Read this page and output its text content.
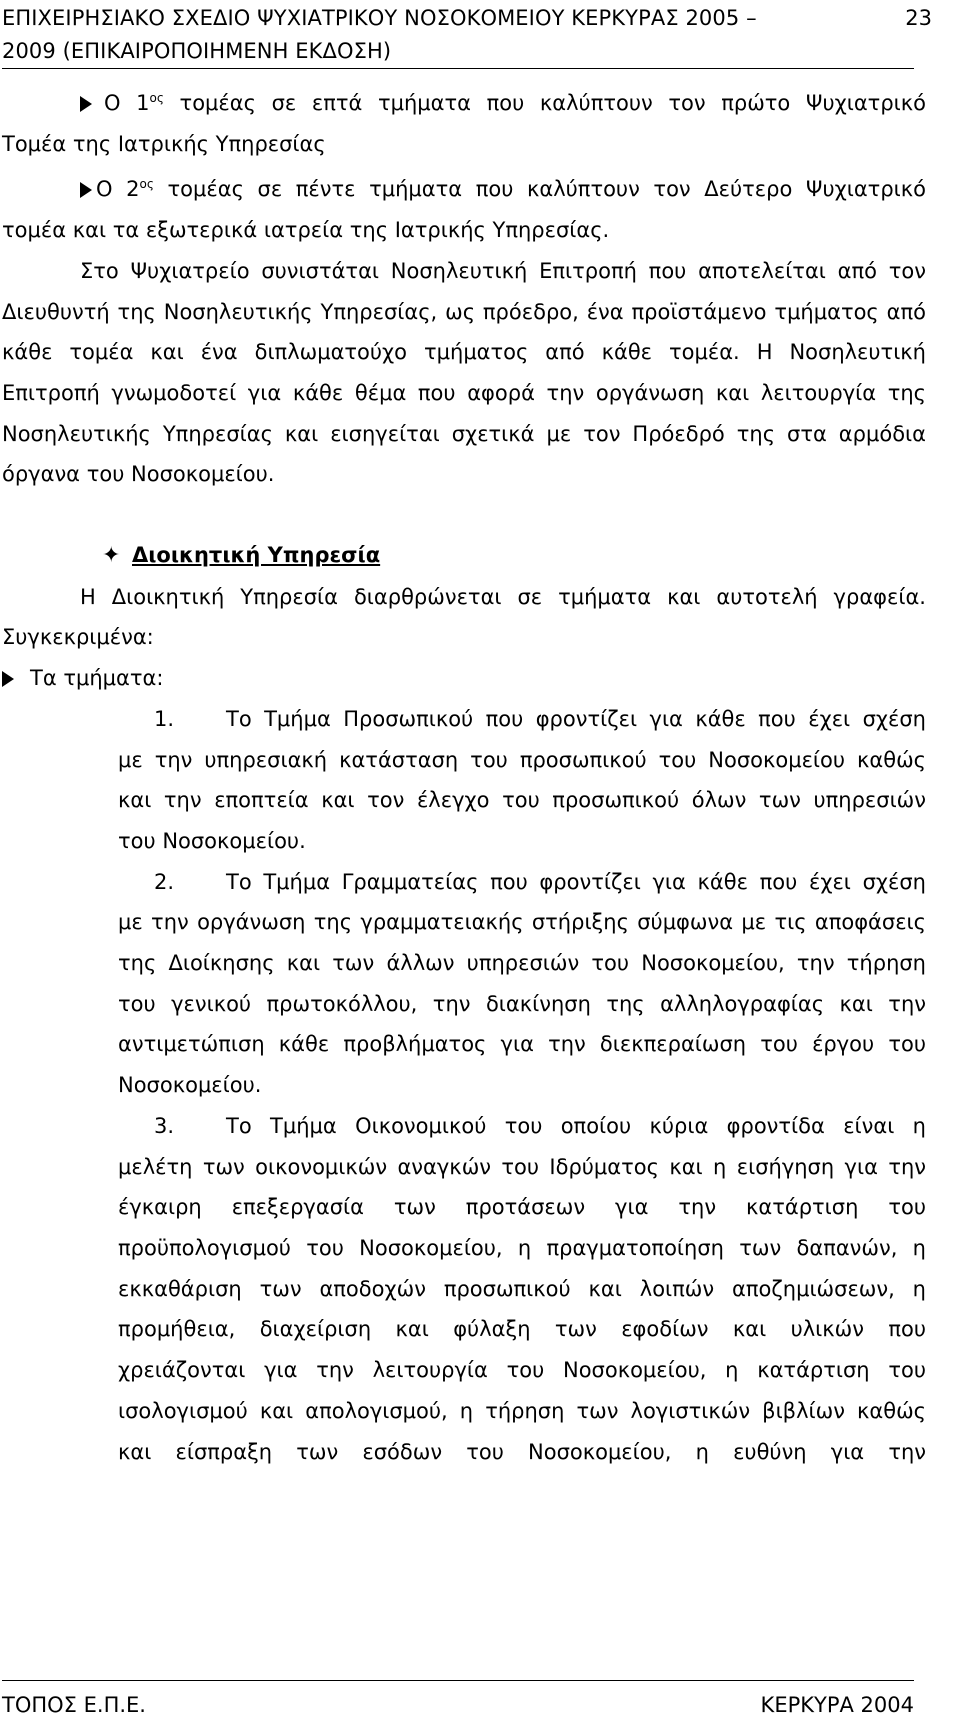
ΕΠΙΧΕΙΡΗΣΙΑΚΟ ΣΧΕΔΙΟ ΨΥΧΙΑΤΡΙΚΟΥ ΝΟΣΟΚΟΜΕΙΟΥ ΚΕΡΚΥΡΑΣ 2005 –
2009 (ΕΠΙΚΑΙΡΟΠΟΙΗΜΕΝΗ ΕΚΔΟΣΗ)
23
Ο $1^{o\varsigma}$ τομέας σε επτά τμήματα που καλύπτουν τον πρώτο Ψυχιατρικό
Τομέα της Ιατρικής Υπηρεσίας
Ο $2^{o\varsigma}$ τομέας σε πέντε τμήματα που καλύπτουν τον Δεύτερο Ψυχιατρικό
τομέα και τα εξωτερικά ιατρεία της Ιατρικής Υπηρεσίας.
Στο Ψυχιατρείο συνιστάται Νοσηλευτική Επιτροπή που αποτελείται από τον
Διευθυντή της Νοσηλευτικής Υπηρεσίας, ως πρόεδρο, ένα προϊστάμενο τμήματος από
κάθε τομέα και ένα διπλωματούχο τμήματος από κάθε τομέα. Η Νοσηλευτική
Επιτροπή γνωμοδοτεί για κάθε θέμα που αφορά την οργάνωση και λειτουργία της
Νοσηλευτικής Υπηρεσίας και εισηγείται σχετικά με τον Πρόεδρό της στα αρμόδια
όργανα του Νοσοκομείου.
✦ Διοικητική Υπηρεσία
Η Διοικητική Υπηρεσία διαρθρώνεται σε τμήματα και αυτοτελή γραφεία.
Συγκεκριμένα:
Τα τμήματα:
1. Το Τμήμα Προσωπικού που φροντίζει για κάθε που έχει σχέση
με την υπηρεσιακή κατάσταση του προσωπικού του Νοσοκομείου καθώς
και την εποπτεία και τον έλεγχο του προσωπικού όλων των υπηρεσιών
του Νοσοκομείου.
2. Το Τμήμα Γραμματείας που φροντίζει για κάθε που έχει σχέση
με την οργάνωση της γραμματειακής στήριξης σύμφωνα με τις αποφάσεις
της Διοίκησης και των άλλων υπηρεσιών του Νοσοκομείου, την τήρηση
του γενικού πρωτοκόλλου, την διακίνηση της αλληλογραφίας και την
αντιμετώπιση κάθε προβλήματος για την διεκπεραίωση του έργου του
Νοσοκομείου.
3. Το Τμήμα Οικονομικού του οποίου κύρια φροντίδα είναι η
μελέτη των οικονομικών αναγκών του Ιδρύματος και η εισήγηση για την
έγκαιρη επεξεργασία των προτάσεων για την κατάρτιση του
προϋπολογισμού του Νοσοκομείου, η πραγματοποίηση των δαπανών, η
εκκαθάριση των αποδοχών προσωπικού και λοιπών αποζημιώσεων, η
προμήθεια, διαχείριση και φύλαξη των εφοδίων και υλικών που
χρειάζονται για την λειτουργία του Νοσοκομείου, η κατάρτιση του
ισολογισμού και απολογισμού, η τήρηση των λογιστικών βιβλίων καθώς
και είσπραξη των εσόδων του Νοσοκομείου, η ευθύνη για την
ΤΟΠΟΣ Ε.Π.Ε.	ΚΕΡΚΥΡΑ 2004
